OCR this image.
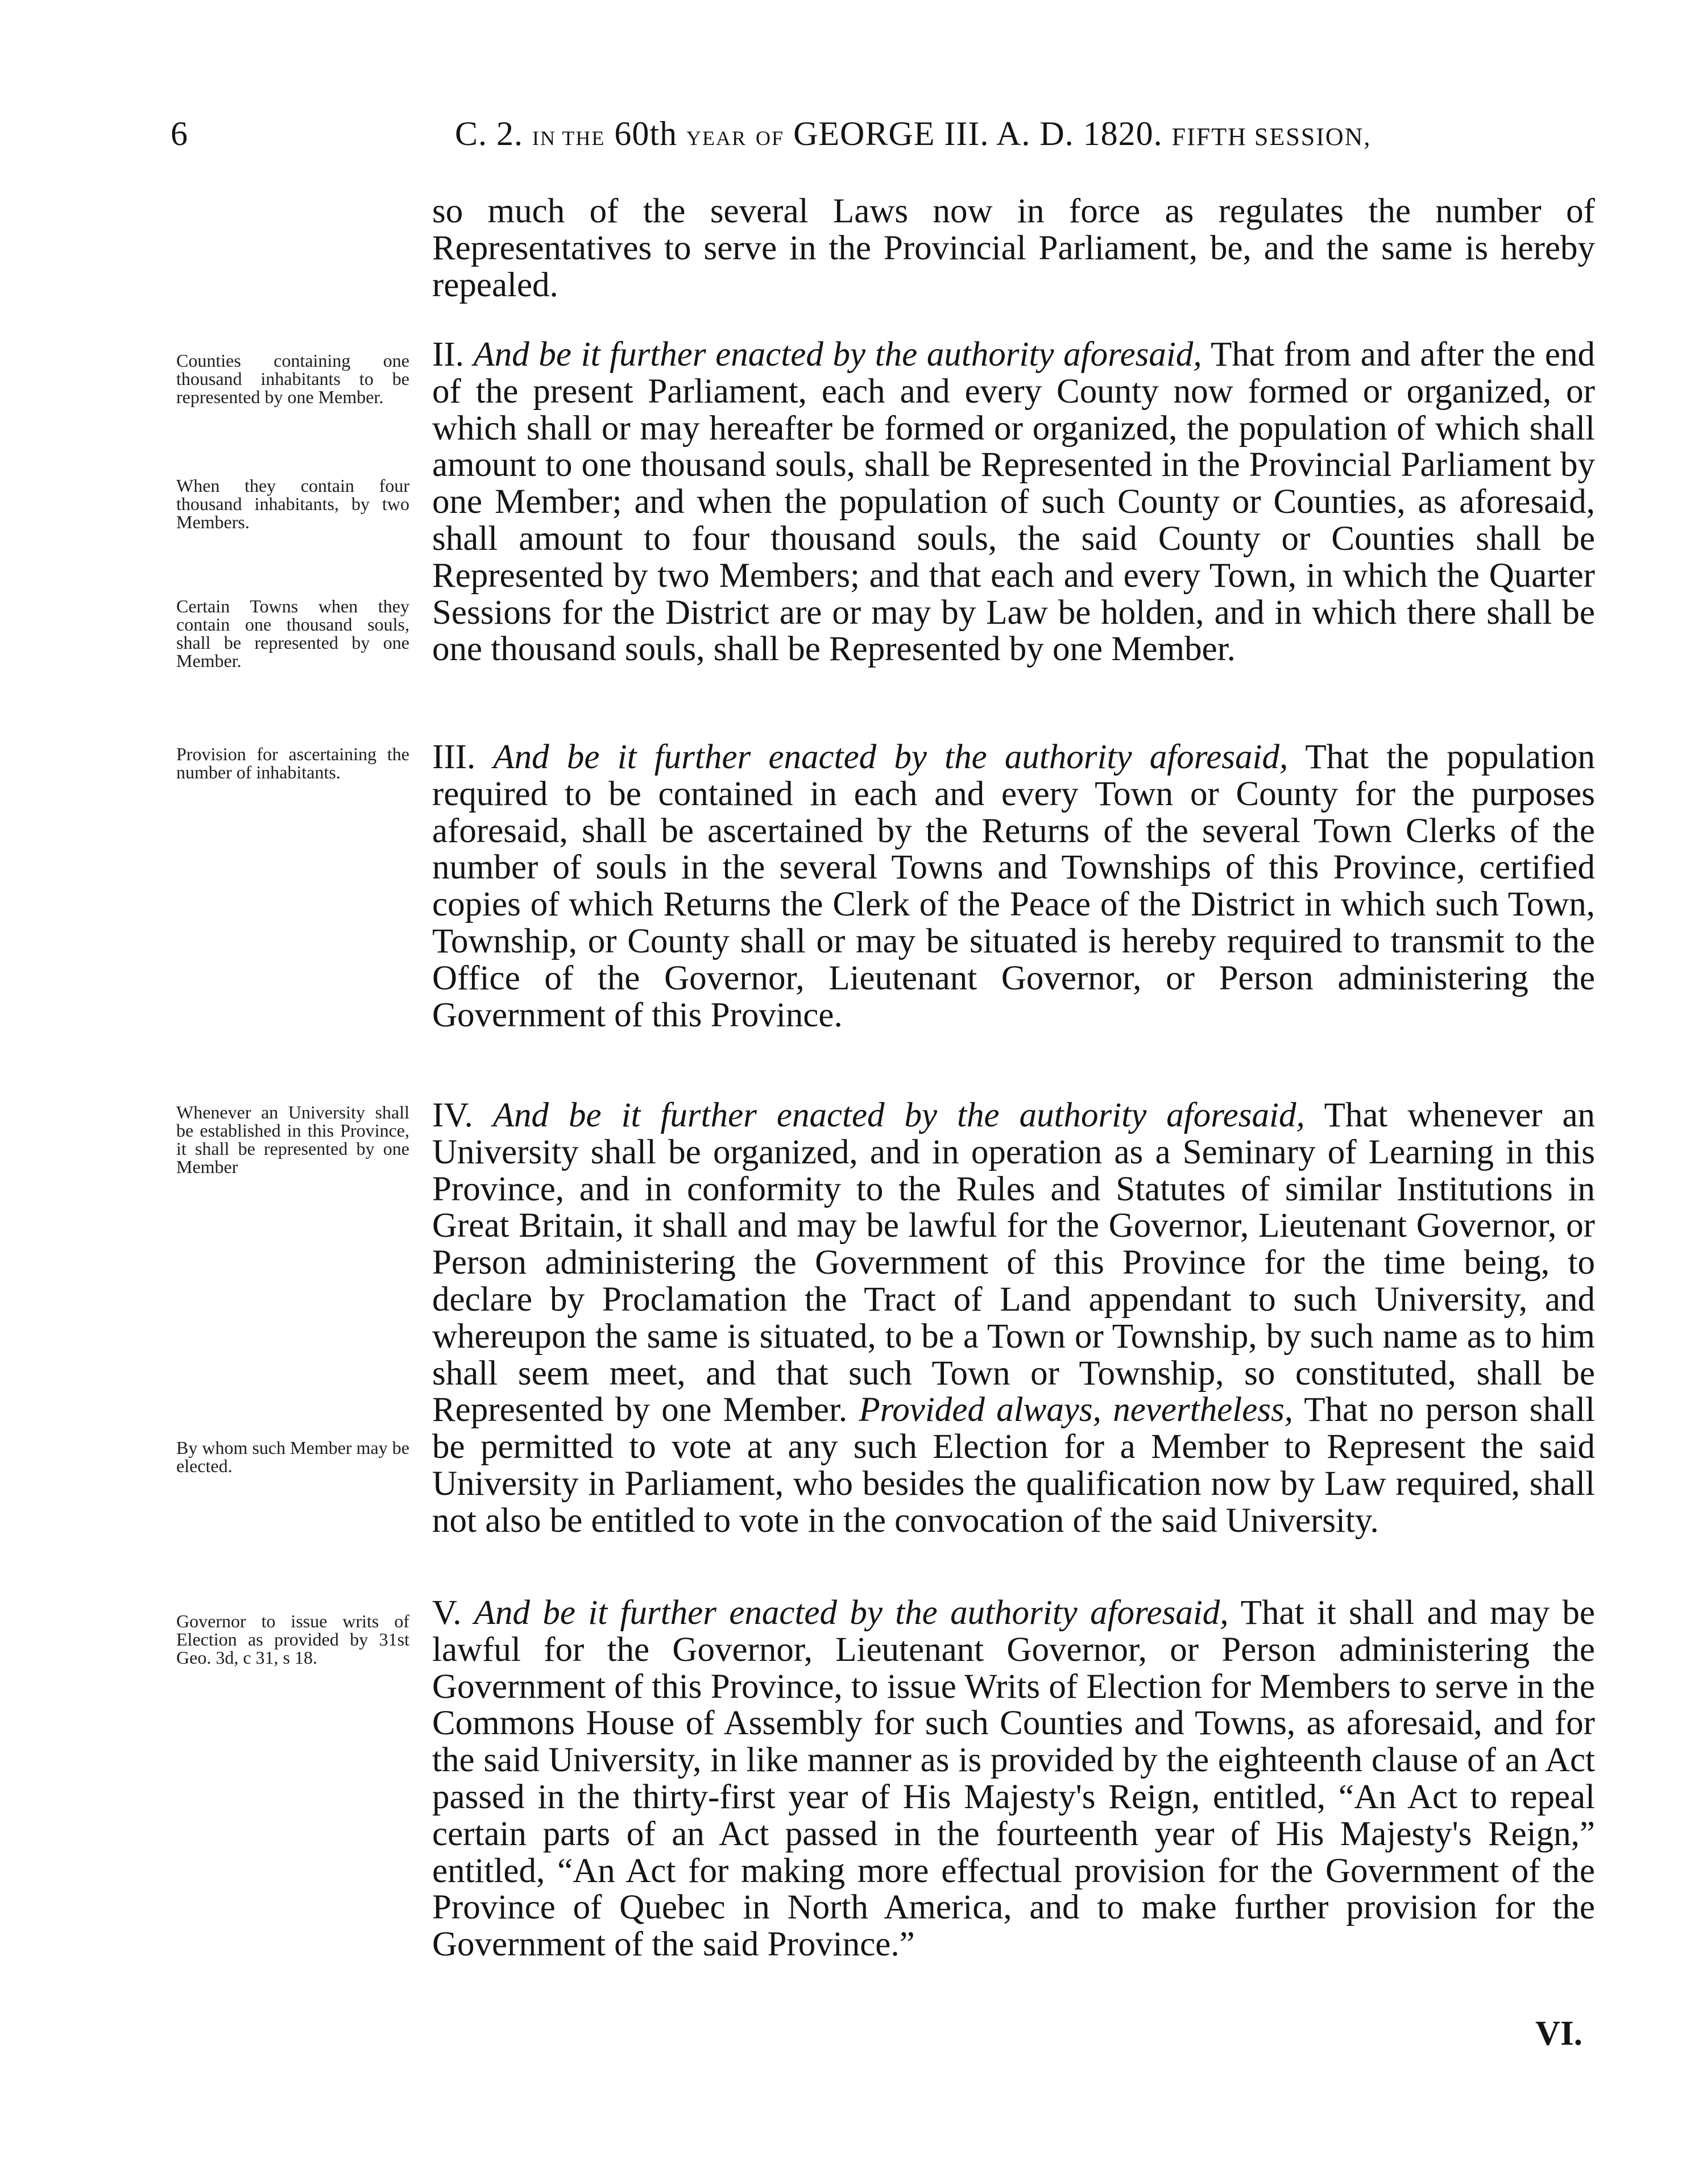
6	C. 2. IN THE 60th YEAR OF GEORGE III. A. D. 1820. FIFTH SESSION,

so much of the several Laws now in force as regulates the number of Representatives to serve in the Provincial Parliament, be, and the same is hereby repealed.

II. And be it further enacted by the authority aforesaid, That from and after the end of the present Parliament, each and every County now formed or organized, or which shall or may hereafter be formed or organized, the population of which shall amount to one thousand souls, shall be Represented in the Provincial Parliament by one Member; and when the population of such County or Counties, as aforesaid, shall amount to four thousand souls, the said County or Counties shall be Represented by two Members; and that each and every Town, in which the Quarter Sessions for the District are or may by Law be holden, and in which there shall be one thousand souls, shall be Represented by one Member.

III. And be it further enacted by the authority aforesaid, That the population required to be contained in each and every Town or County for the purposes aforesaid, shall be ascertained by the Returns of the several Town Clerks of the number of souls in the several Towns and Townships of this Province, certified copies of which Returns the Clerk of the Peace of the District in which such Town, Township, or County shall or may be situated is hereby required to transmit to the Office of the Governor, Lieutenant Governor, or Person administering the Government of this Province.

IV. And be it further enacted by the authority aforesaid, That whenever an University shall be organized, and in operation as a Seminary of Learning in this Province, and in conformity to the Rules and Statutes of similar Institutions in Great Britain, it shall and may be lawful for the Governor, Lieutenant Governor, or Person administering the Government of this Province for the time being, to declare by Proclamation the Tract of Land appendant to such University, and whereupon the same is situated, to be a Town or Township, by such name as to him shall seem meet, and that such Town or Township, so constituted, shall be Represented by one Member. Provided always, nevertheless, That no person shall be permitted to vote at any such Election for a Member to Represent the said University in Parliament, who besides the qualification now by Law required, shall not also be entitled to vote in the convocation of the said University.

V. And be it further enacted by the authority aforesaid, That it shall and may be lawful for the Governor, Lieutenant Governor, or Person administering the Government of this Province, to issue Writs of Election for Members to serve in the Commons House of Assembly for such Counties and Towns, as aforesaid, and for the said University, in like manner as is provided by the eighteenth clause of an Act passed in the thirty-first year of His Majesty's Reign, entitled, “An Act to repeal certain parts of an Act passed in the fourteenth year of His Majesty's Reign,” entitled, “An Act for making more effectual provision for the Government of the Province of Quebec in North America, and to make further provision for the Government of the said Province.”

VI.
Counties containing one thousand inhabitants to be represented by one Member.
When they contain four thousand inhabitants, by two Members.
Certain Towns when they contain one thousand souls, shall be represented by one Member.
Provision for ascertaining the number of inhabitants.
Whenever an University shall be established in this Province, it shall be represented by one Member
By whom such Member may be elected.
Governor to issue writs of Election as provided by 31st Geo. 3d, c 31, s 18.
